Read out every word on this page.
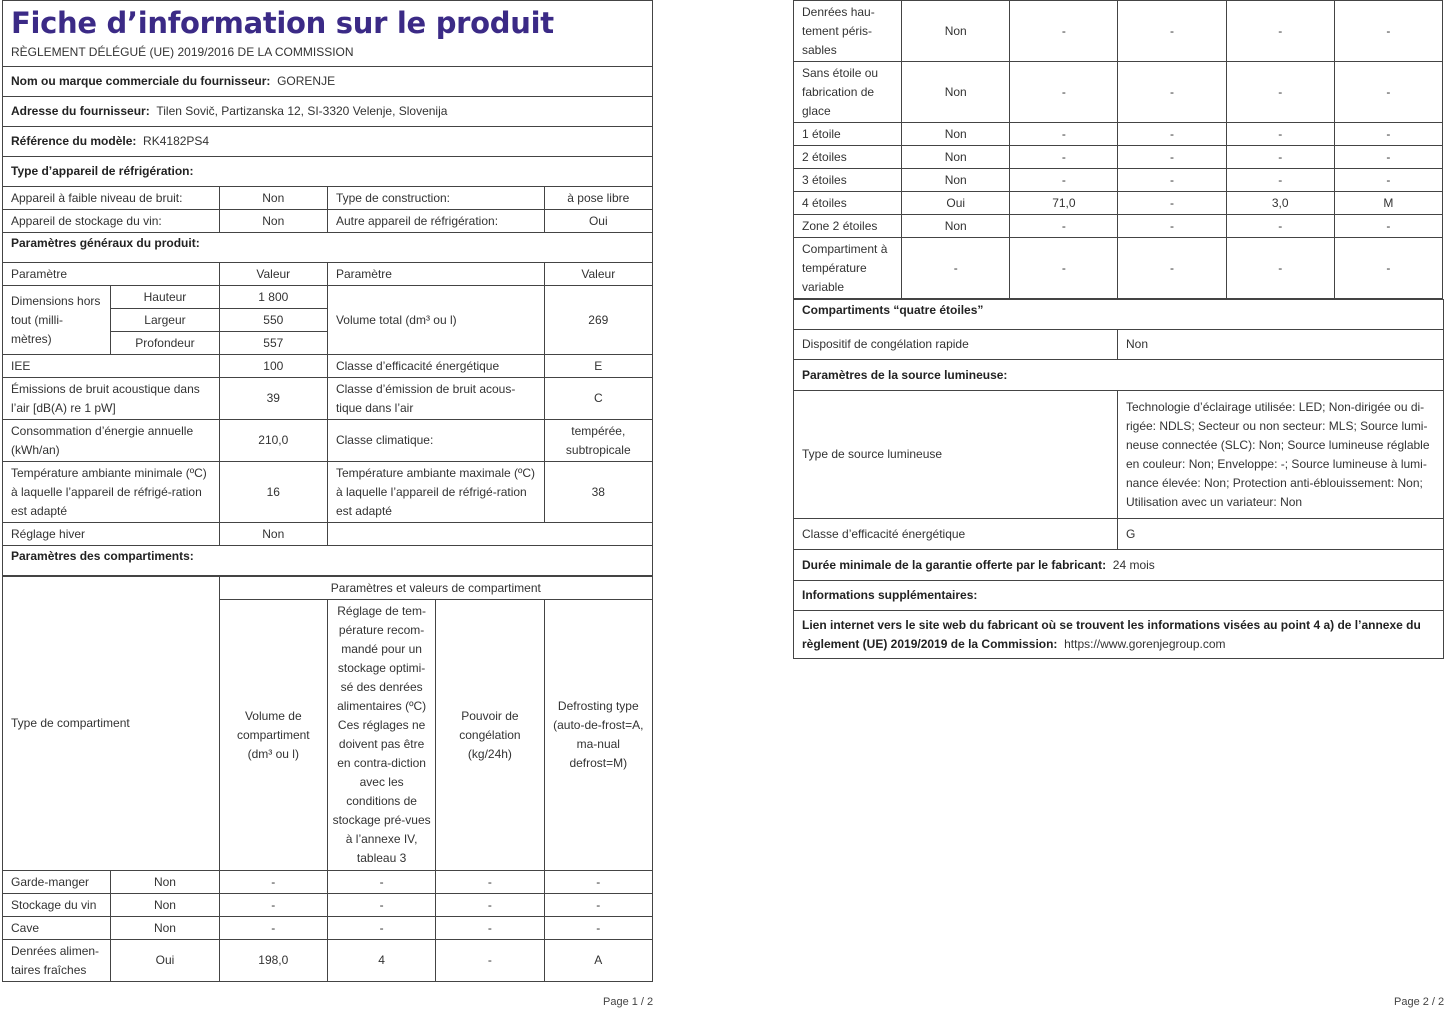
Fiche d’information sur le produit
RÈGLEMENT DÉLÉGUÉ (UE) 2019/2016 DE LA COMMISSION
Nom ou marque commerciale du fournisseur: GORENJE				
Adresse du fournisseur: Tilen Sovič, Partizanska 12, SI-3320 Velenje, Slovenija				
Référence du modèle: RK4182PS4				
Type d’appareil de réfrigération:				
Appareil à faible niveau de bruit:		Non	Type de construction:	à pose libre
Appareil de stockage du vin:		Non	Autre appareil de réfrigération:	Oui
Paramètres généraux du produit:				
Paramètre		Valeur	Paramètre	Valeur
Dimensions hors tout (milli-mètres)	Hauteur	1 800	Volume total (dm³ ou l)	269
	Largeur	550		
	Profondeur	557		
IEE		100	Classe d’efficacité énergétique	E
Émissions de bruit acoustique dans l’air [dB(A) re 1 pW]		39	Classe d’émission de bruit acous-tique dans l’air	C
Consommation d’énergie annuelle (kWh/an)		210,0	Classe climatique:	tempérée, subtropicale
Température ambiante minimale (ºC) à laquelle l’appareil de réfrigé-ration est adapté		16	Température ambiante maximale (ºC) à laquelle l’appareil de réfrigé-ration est adapté	38
Réglage hiver		Non		
Paramètres des compartiments:				
Type de compartiment		Paramètres et valeurs de compartiment			
		Volume de compartiment (dm³ ou l)	Réglage de tem-pérature recom-mandé pour un stockage optimi-sé des denrées alimentaires (ºC) Ces réglages ne doivent pas être en contra-diction avec les conditions de stockage pré-vues à l’annexe IV, tableau 3	Pouvoir de congélation (kg/24h)	Defrosting type (auto-de-frost=A, ma-nual defrost=M)
Garde-manger	Non	-	-	-	-
Stockage du vin	Non	-	-	-	-
Cave	Non	-	-	-	-
Denrées alimen-taires fraîches	Oui	198,0	4	-	A
Page 1 / 2
Denrées hau-tement péris-sables	Non	-	-	-	-
Sans étoile ou fabrication de glace	Non	-	-	-	-
1 étoile	Non	-	-	-	-
2 étoiles	Non	-	-	-	-
3 étoiles	Non	-	-	-	-
4 étoiles	Oui	71,0	-	3,0	M
Zone 2 étoiles	Non	-	-	-	-
Compartiment à température variable	-	-	-	-	-
Compartiments “quatre étoiles”	
Dispositif de congélation rapide	Non
Paramètres de la source lumineuse:	
Type de source lumineuse	Technologie d’éclairage utilisée: LED; Non-dirigée ou di-rigée: NDLS; Secteur ou non secteur: MLS; Source lumi-neuse connectée (SLC): Non; Source lumineuse réglable en couleur: Non; Enveloppe: -; Source lumineuse à lumi-nance élevée: Non; Protection anti-éblouissement: Non; Utilisation avec un variateur: Non
Classe d’efficacité énergétique	G
Durée minimale de la garantie offerte par le fabricant: 24 mois	
Informations supplémentaires:	
Lien internet vers le site web du fabricant où se trouvent les informations visées au point 4 a) de l’annexe du règlement (UE) 2019/2019 de la Commission: https://www.gorenjegroup.com	
Page 2 / 2
